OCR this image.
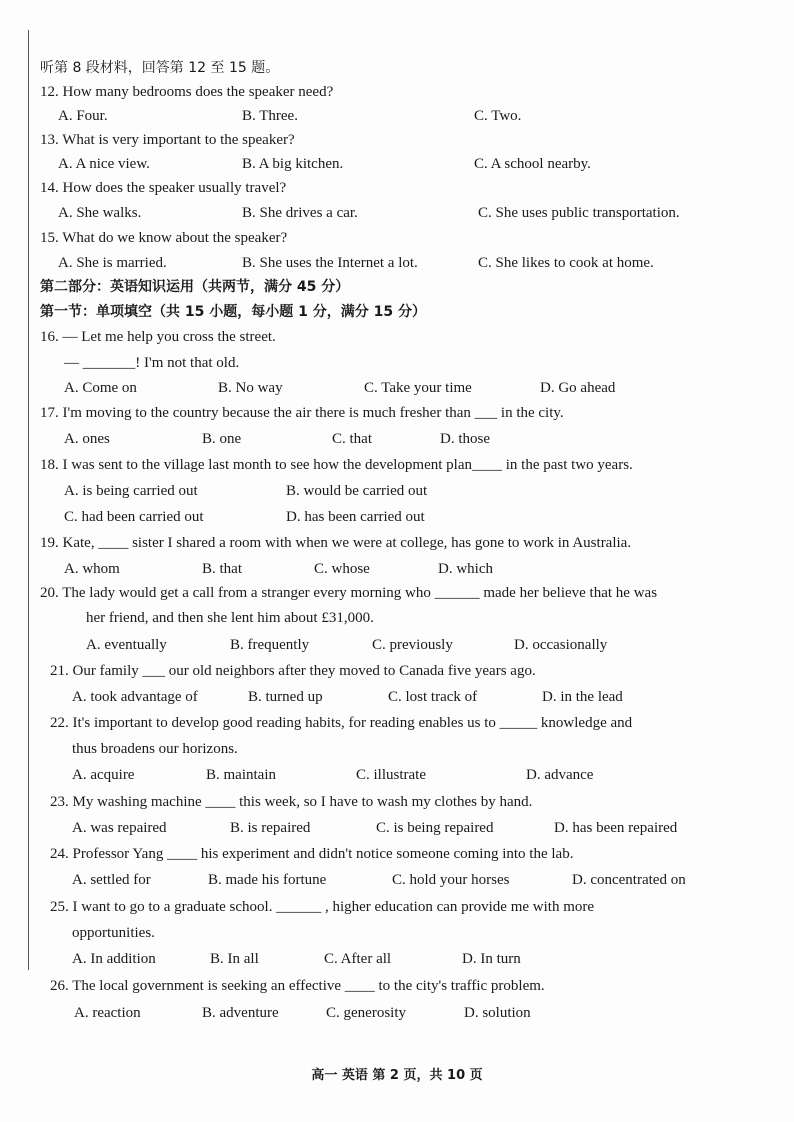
听第 8 段材料，回答第 12 至 15 题。
12. How many bedrooms does the speaker need?
A. Four.	B. Three.	C. Two.
13. What is very important to the speaker?
A. A nice view.	B. A big kitchen.	C. A school nearby.
14. How does the speaker usually travel?
A. She walks.	B. She drives a car.	C. She uses public transportation.
15. What do we know about the speaker?
A. She is married.	B. She uses the Internet a lot.	C. She likes to cook at home.
第二部分：英语知识运用（共两节，满分 45 分）
第一节：单项填空（共 15 小题，每小题 1 分，满分 15 分）
16. — Let me help you cross the street.
— _______! I'm not that old.
A. Come on	B. No way	C. Take your time	D. Go ahead
17. I'm moving to the country because the air there is much fresher than ___ in the city.
A. ones	B. one	C. that	D. those
18. I was sent to the village last month to see how the development plan____ in the past two years.
A. is being carried out	B. would be carried out
C. had been carried out	D. has been carried out
19. Kate, ____ sister I shared a room with when we were at college, has gone to work in Australia.
A. whom	B. that	C. whose	D. which
20. The lady would get a call from a stranger every morning who ______ made her believe that he was
her friend, and then she lent him about £31,000.
A. eventually	B. frequently	C. previously	D. occasionally
21. Our family ___ our old neighbors after they moved to Canada five years ago.
A. took advantage of	B. turned up	C. lost track of	D. in the lead
22. It's important to develop good reading habits, for reading enables us to _____ knowledge and
thus broadens our horizons.
A. acquire	B. maintain	C. illustrate	D. advance
23. My washing machine ____ this week, so I have to wash my clothes by hand.
A. was repaired	B. is repaired	C. is being repaired	D. has been repaired
24. Professor Yang ____ his experiment and didn't notice someone coming into the lab.
A. settled for	B. made his fortune	C. hold your horses	D. concentrated on
25. I want to go to a graduate school. ______ , higher education can provide me with more
opportunities.
A. In addition	B. In all	C. After all	D. In turn
26. The local government is seeking an effective ____ to the city's traffic problem.
A. reaction	B. adventure	C. generosity	D. solution
高一 英语 第 2 页，共 10 页
